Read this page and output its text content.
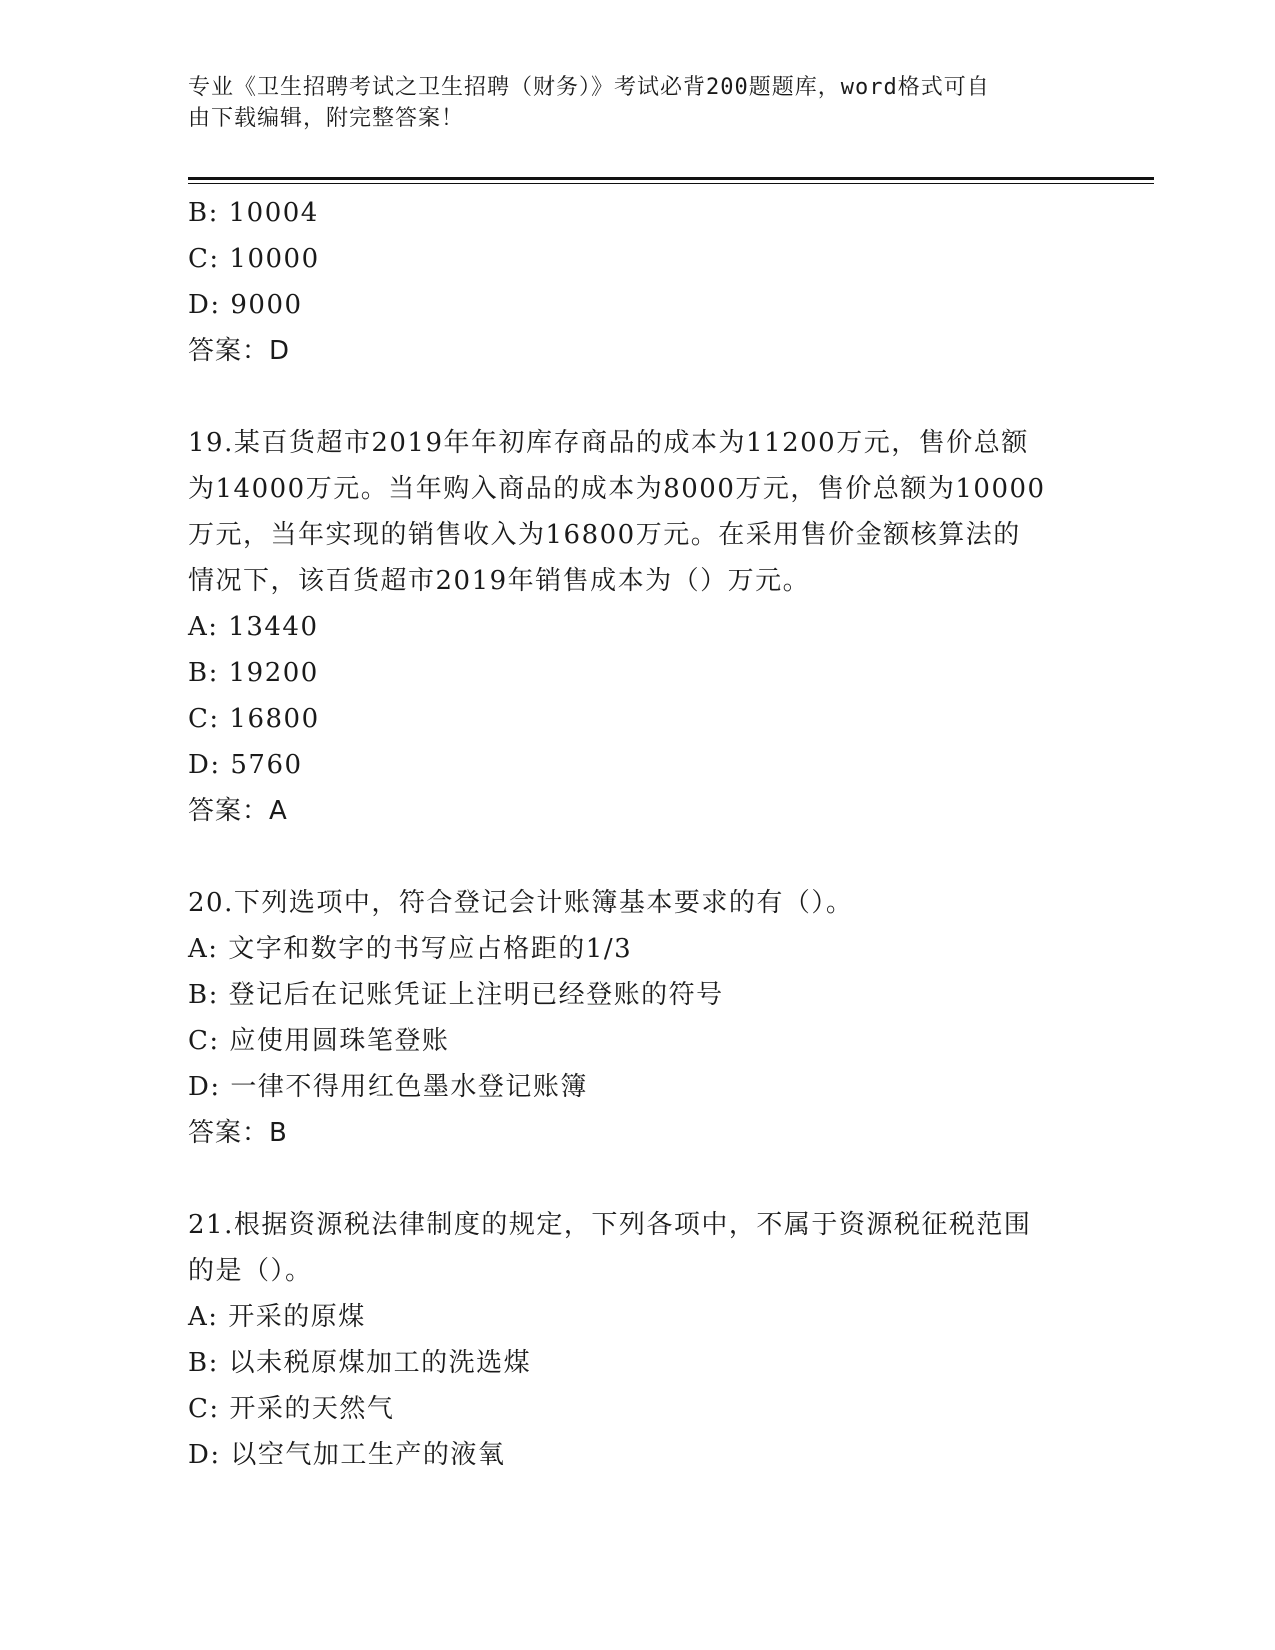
专业《卫生招聘考试之卫生招聘（财务）》考试必背200题题库，word格式可自
由下载编辑，附完整答案！
B: 10004
C: 10000
D: 9000
答案：D
19.某百货超市2019年年初库存商品的成本为11200万元，售价总额
为14000万元。当年购入商品的成本为8000万元，售价总额为10000
万元，当年实现的销售收入为16800万元。在采用售价金额核算法的
情况下，该百货超市2019年销售成本为（）万元。
A: 13440
B: 19200
C: 16800
D: 5760
答案：A
20.下列选项中，符合登记会计账簿基本要求的有（）。
A: 文字和数字的书写应占格距的1/3
B: 登记后在记账凭证上注明已经登账的符号
C: 应使用圆珠笔登账
D: 一律不得用红色墨水登记账簿
答案：B
21.根据资源税法律制度的规定，下列各项中，不属于资源税征税范围
的是（）。
A: 开采的原煤
B: 以未税原煤加工的洗选煤
C: 开采的天然气
D: 以空气加工生产的液氧
